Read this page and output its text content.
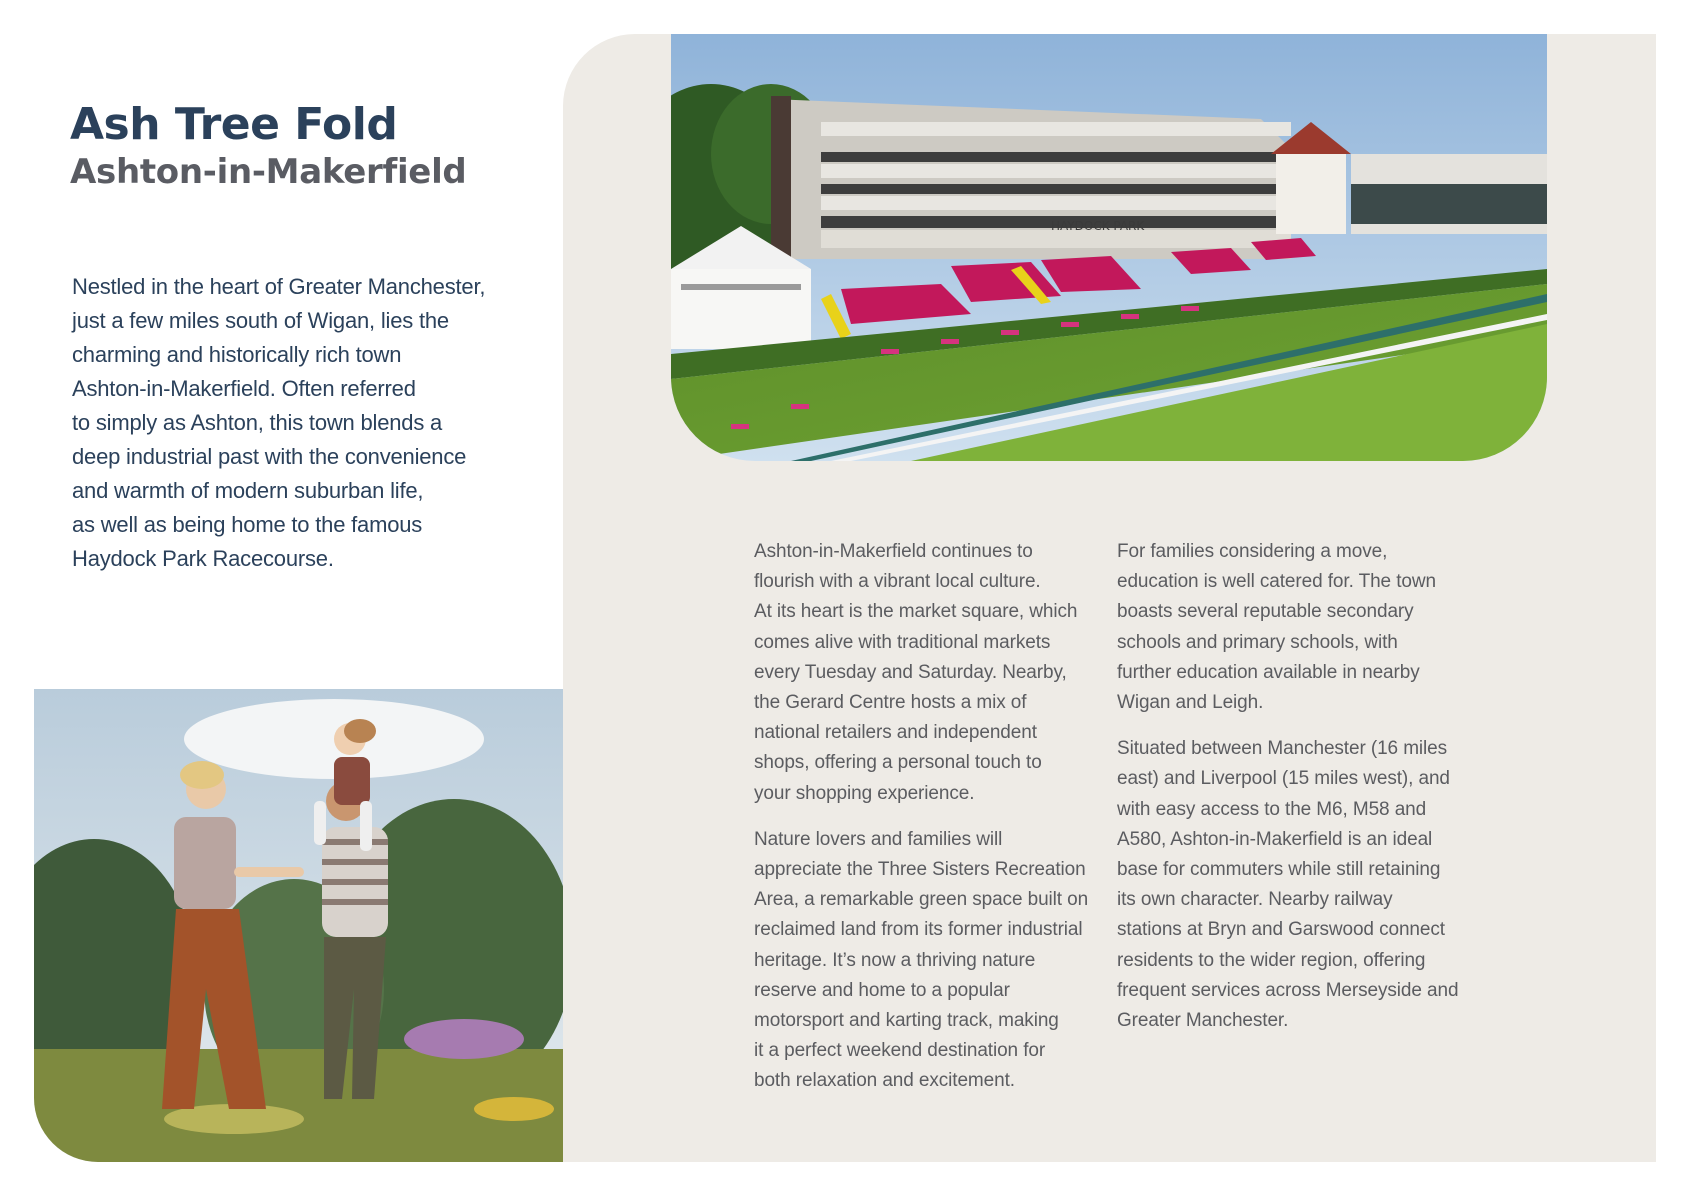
Ash Tree Fold
Ashton-in-Makerfield
Nestled in the heart of Greater Manchester,
just a few miles south of Wigan, lies the
charming and historically rich town
Ashton-in-Makerfield. Often referred
to simply as Ashton, this town blends a
deep industrial past with the convenience
and warmth of modern suburban life,
as well as being home to the famous
Haydock Park Racecourse.
HAYDOCK PARK

Ashton-in-Makerfield continues to
flourish with a vibrant local culture.
At its heart is the market square, which
comes alive with traditional markets
every Tuesday and Saturday. Nearby,
the Gerard Centre hosts a mix of
national retailers and independent
shops, offering a personal touch to
your shopping experience.

Nature lovers and families will
appreciate the Three Sisters Recreation
Area, a remarkable green space built on
reclaimed land from its former industrial
heritage. It’s now a thriving nature
reserve and home to a popular
motorsport and karting track, making
it a perfect weekend destination for
both relaxation and excitement.

For families considering a move,
education is well catered for. The town
boasts several reputable secondary
schools and primary schools, with
further education available in nearby
Wigan and Leigh.

Situated between Manchester (16 miles
east) and Liverpool (15 miles west), and
with easy access to the M6, M58 and
A580, Ashton-in-Makerfield is an ideal
base for commuters while still retaining
its own character. Nearby railway
stations at Bryn and Garswood connect
residents to the wider region, offering
frequent services across Merseyside and
Greater Manchester.
